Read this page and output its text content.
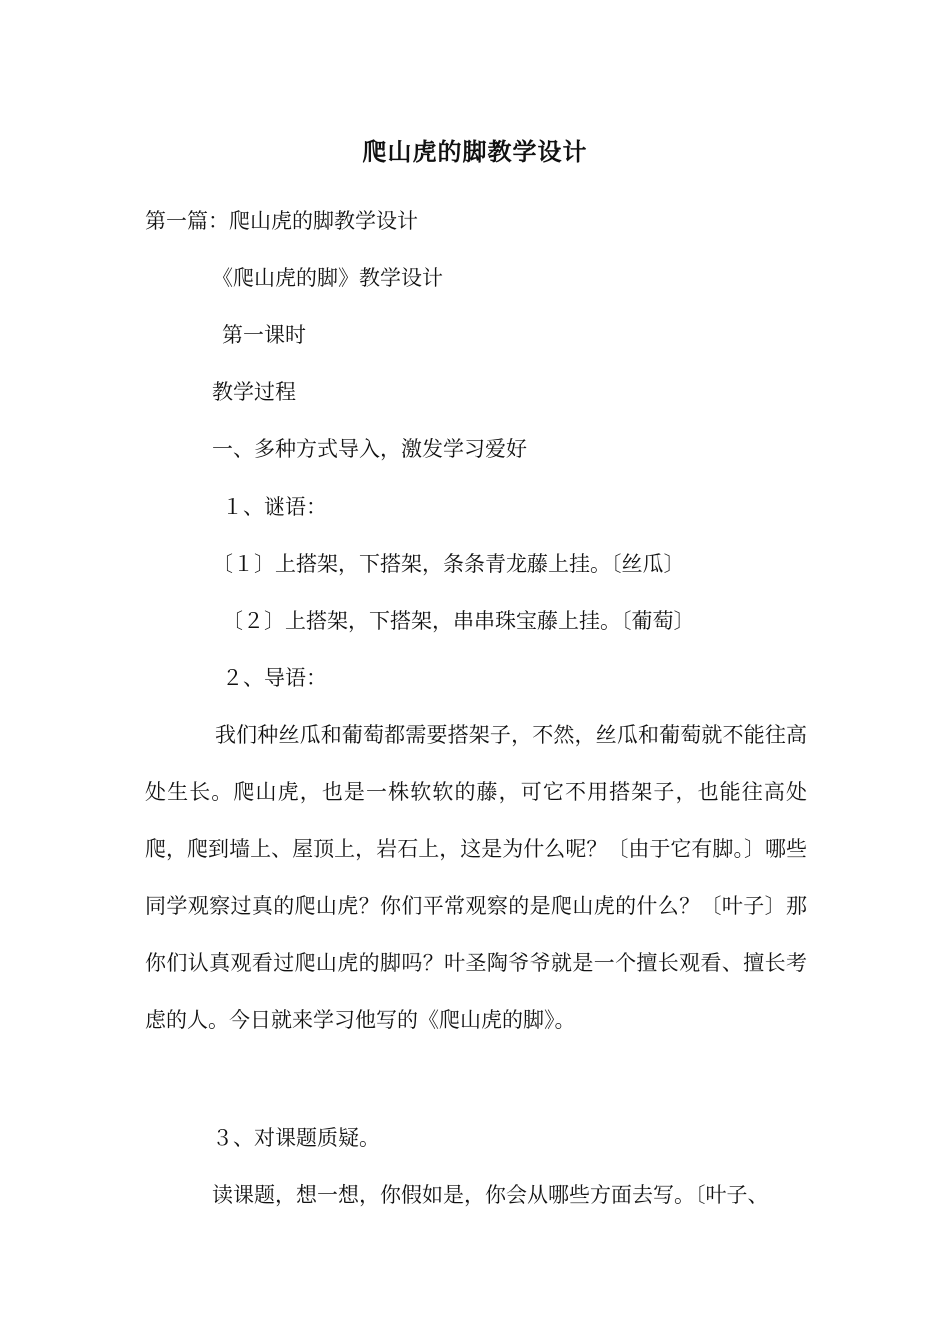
爬山虎的脚教学设计
第一篇：爬山虎的脚教学设计
《爬山虎的脚》教学设计
第一课时
教学过程
一、多种方式导入，激发学习爱好
１、谜语：
〔１〕上搭架，下搭架，条条青龙藤上挂。〔丝瓜〕
〔２〕上搭架，下搭架，串串珠宝藤上挂。〔葡萄〕
２、导语：
我们种丝瓜和葡萄都需要搭架子，不然，丝瓜和葡萄就不能往高处生长。爬山虎，也是一株软软的藤，可它不用搭架子，也能往高处爬，爬到墙上、屋顶上，岩石上，这是为什么呢？〔由于它有脚。〕哪些同学观察过真的爬山虎？你们平常观察的是爬山虎的什么？〔叶子〕那你们认真观看过爬山虎的脚吗？叶圣陶爷爷就是一个擅长观看、擅长考虑的人。今日就来学习他写的《爬山虎的脚》。
３、对课题质疑。
读课题，想一想，你假如是，你会从哪些方面去写。〔叶子、
